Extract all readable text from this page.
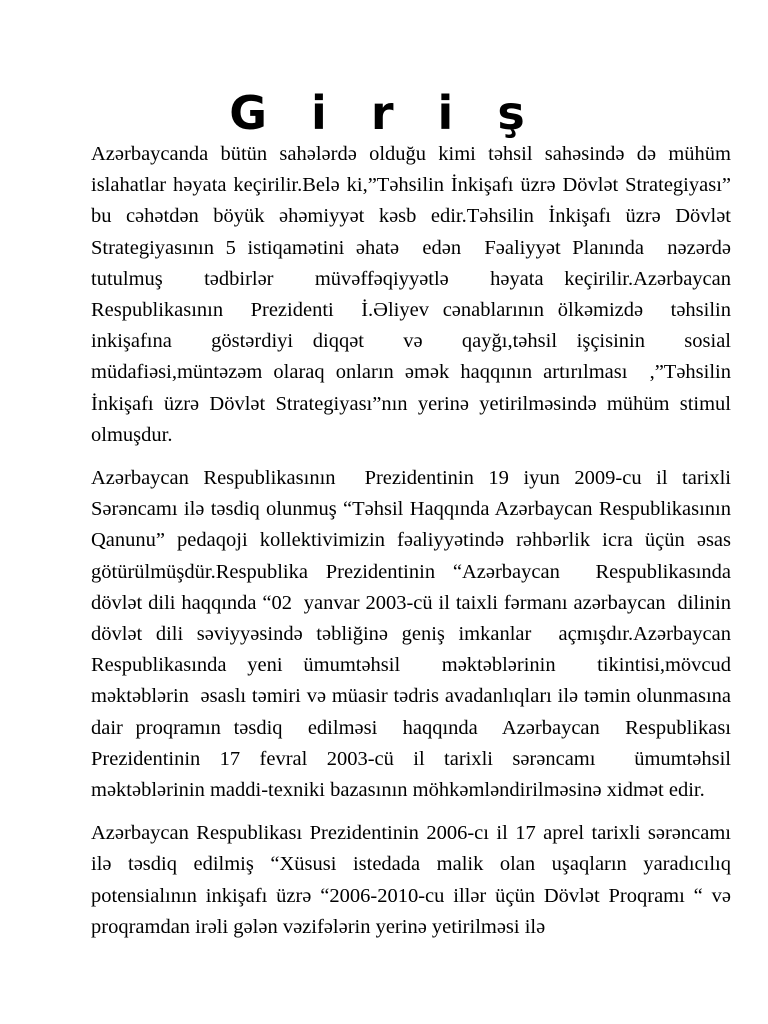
G i r i ş

Azərbaycanda bütün sahələrdə olduğu kimi təhsil sahəsində də mühüm islahatlar həyata keçirilir.Belə ki,”Təhsilin İnkişafı üzrə Dövlət Strategiyası” bu cəhətdən böyük əhəmiyyət kəsb edir.Təhsilin İnkişafı üzrə Dövlət  Strategiyasının 5 istiqamətini əhatə  edən  Fəaliyyət Planında  nəzərdə  tutulmuş  tədbirlər  müvəffəqiyyətlə  həyata keçirilir.Azərbaycan  Respublikasının  Prezidenti  İ.Əliyev cənablarının ölkəmizdə  təhsilin inkişafına  göstərdiyi diqqət  və  qayğı,təhsil işçisinin  sosial  müdafiəsi,müntəzəm olaraq onların əmək haqqının artırılması  ,”Təhsilin İnkişafı üzrə Dövlət Strategiyası”nın yerinə yetirilməsində mühüm stimul olmuşdur.

Azərbaycan Respublikasının  Prezidentinin 19 iyun 2009-cu il tarixli Sərəncamı ilə təsdiq olunmuş “Təhsil Haqqında Azərbaycan Respublikasının  Qanunu” pedaqoji kollektivimizin fəaliyyətində rəhbərlik icra üçün əsas götürülmüşdür.Respublika Prezidentinin “Azərbaycan  Respublikasında dövlət dili haqqında “02  yanvar 2003-cü il taixli fərmanı azərbaycan  dilinin  dövlət dili səviyyəsində təbliğinə geniş imkanlar  açmışdır.Azərbaycan Respublikasında yeni ümumtəhsil  məktəblərinin  tikintisi,mövcud  məktəblərin  əsaslı təmiri və müasir tədris avadanlıqları ilə təmin olunmasına dair proqramın təsdiq  edilməsi  haqqında  Azərbaycan  Respublikası   Prezidentinin 17 fevral 2003-cü il tarixli sərəncamı  ümumtəhsil  məktəblərinin maddi-texniki bazasının möhkəmləndirilməsinə xidmət edir.

Azərbaycan Respublikası Prezidentinin 2006-cı il 17 aprel tarixli sərəncamı ilə təsdiq edilmiş “Xüsusi istedada malik olan uşaqların yaradıcılıq potensialının inkişafı üzrə “2006-2010-cu illər üçün Dövlət Proqramı “ və proqramdan irəli gələn vəzifələrin yerinə yetirilməsi ilə
